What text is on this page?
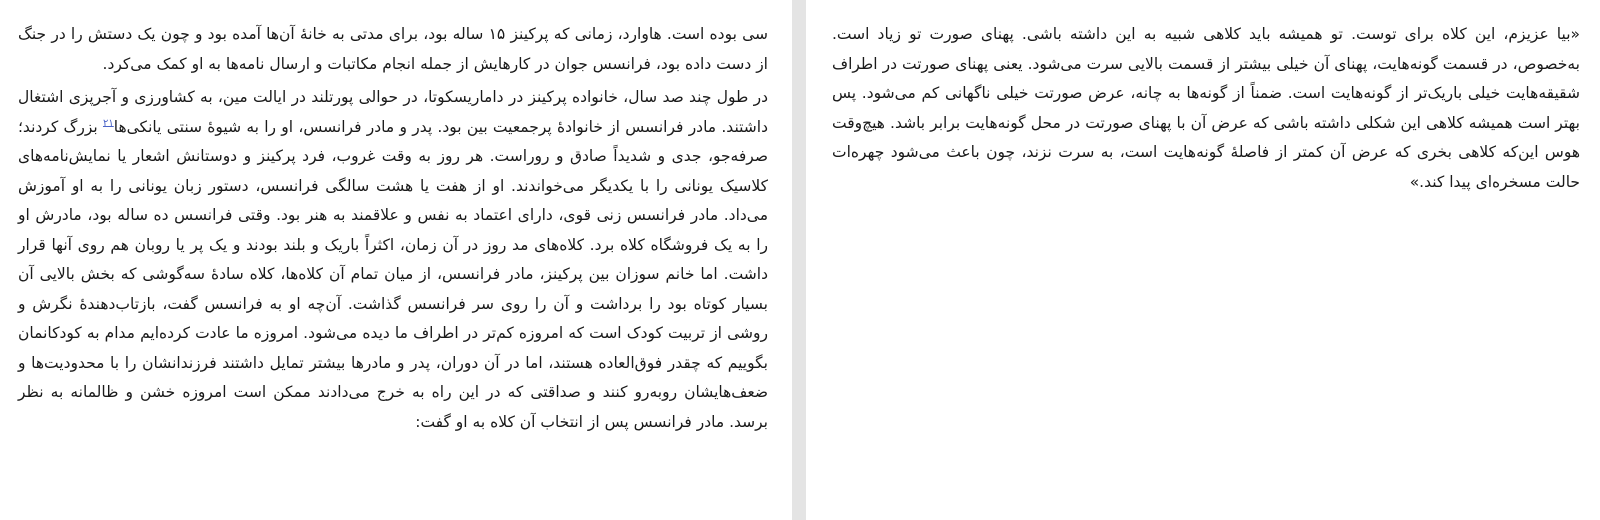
سی بوده است. هاوارد، زمانی که پرکینز ۱۵ ساله بود، برای مدتی به خانهٔ آن‌ها آمده بود و چون یک دستش را در جنگ از دست داده بود، فرانسس جوان در کارهایش از جمله انجام مکاتبات و ارسال نامه‌ها به او کمک می‌کرد.

در طول چند صد سال، خانواده پرکینز در داماریسکوتا، در حوالی پورتلند در ایالت مین، به کشاورزی و آجرپزی اشتغال داشتند. مادر فرانسس از خانوادهٔ پرجمعیت بین بود. پدر و مادر فرانسس، او را به شیوهٔ سنتی یانکی‌ها$^{۲۱}$ بزرگ کردند؛ صرفه‌جو، جدی و شدیداً صادق و روراست. هر روز به وقت غروب، فرد پرکینز و دوستانش اشعار یا نمایش‌نامه‌های کلاسیک یونانی را با یکدیگر می‌خواندند. او از هفت یا هشت سالگی فرانسس، دستور زبان یونانی را به او آموزش می‌داد. مادر فرانسس زنی قوی، دارای اعتماد به نفس و علاقمند به هنر بود. وقتی فرانسس ده ساله بود، مادرش او را به یک فروشگاه کلاه برد. کلاه‌های مد روز در آن زمان، اکثراً باریک و بلند بودند و یک پر یا روبان هم روی آنها قرار داشت. اما خانم سوزان بین پرکینز، مادر فرانسس، از میان تمام آن کلاه‌ها، کلاه سادهٔ سه‌گوشی که بخش بالایی آن بسیار کوتاه بود را برداشت و آن را روی سر فرانسس گذاشت. آن‌چه او به فرانسس گفت، بازتاب‌دهندهٔ نگرش و روشی از تربیت کودک است که امروزه کم‌تر در اطراف ما دیده می‌شود. امروزه ما عادت کرده‌ایم مدام به کودکانمان بگوییم که چقدر فوق‌العاده هستند، اما در آن دوران، پدر و مادرها بیشتر تمایل داشتند فرزندانشان را با محدودیت‌ها و ضعف‌هایشان روبه‌رو کنند و صداقتی که در این راه به خرج می‌دادند ممکن است امروزه خشن و ظالمانه به نظر برسد. مادر فرانسس پس از انتخاب آن کلاه به او گفت:

«بیا عزیزم، این کلاه برای توست. تو همیشه باید کلاهی شبیه به این داشته باشی. پهنای صورت تو زیاد است. به‌خصوص، در قسمت گونه‌هایت، پهنای آن خیلی بیشتر از قسمت بالایی سرت می‌شود. یعنی پهنای صورتت در اطراف شقیقه‌هایت خیلی باریک‌تر از گونه‌هایت است. ضمناً از گونه‌ها به چانه، عرض صورتت خیلی ناگهانی کم می‌شود. پس بهتر است همیشه کلاهی این شکلی داشته باشی که عرض آن با پهنای صورتت در محل گونه‌هایت برابر باشد. هیچ‌وقت هوس این‌که کلاهی بخری که عرض آن کمتر از فاصلهٔ گونه‌هایت است، به سرت نزند، چون باعث می‌شود چهره‌ات حالت مسخره‌ای پیدا کند.»
